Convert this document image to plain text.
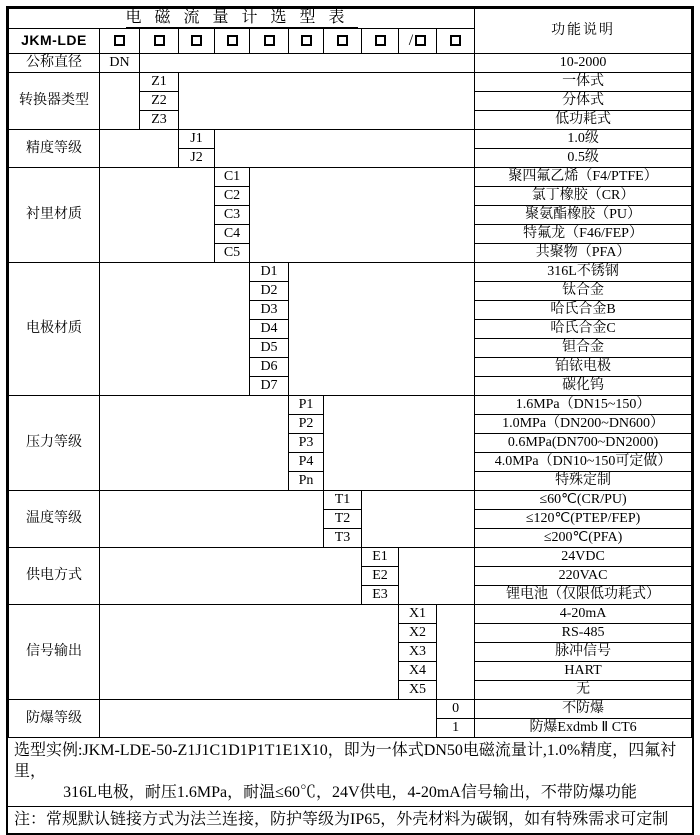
电磁流量计选型表											功能说明
JKM-LDE									/		
公称直径	DN										10-2000
转换器类型		Z1									一体式
		Z2									分体式
		Z3									低功耗式
精度等级			J1								1.0级
			J2								0.5级
衬里材质				C1							聚四氟乙烯（F4/PTFE）
				C2							氯丁橡胶（CR）
				C3							聚氨酯橡胶（PU）
				C4							特氟龙（F46/FEP）
				C5							共聚物（PFA）
电极材质					D1						316L不锈钢
					D2						钛合金
					D3						哈氏合金B
					D4						哈氏合金C
					D5						钽合金
					D6						铂铱电极
					D7						碳化钨
压力等级						P1					1.6MPa（DN15~150）
						P2					1.0MPa（DN200~DN600）
						P3					0.6MPa(DN700~DN2000)
						P4					4.0MPa（DN10~150可定做）
						Pn					特殊定制
温度等级							T1				≤60℃(CR/PU)
							T2				≤120℃(PTEP/FEP)
							T3				≤200℃(PFA)
供电方式								E1			24VDC
								E2			220VAC
								E3			锂电池（仅限低功耗式）
信号输出									X1		4-20mA
									X2		RS-485
									X3		脉冲信号
									X4		HART
									X5		无
防爆等级										0	不防爆
										1	防爆Exdmb Ⅱ CT6
选型实例:JKM-LDE-50-Z1J1C1D1P1T1E1X10，即为一体式DN50电磁流量计,1.0%精度，四氟衬里，
316L电极，耐压1.6MPa，耐温≤60℃，24V供电，4-20mA信号输出，不带防爆功能
注：常规默认链接方式为法兰连接，防护等级为IP65，外壳材料为碳钢，如有特殊需求可定制
